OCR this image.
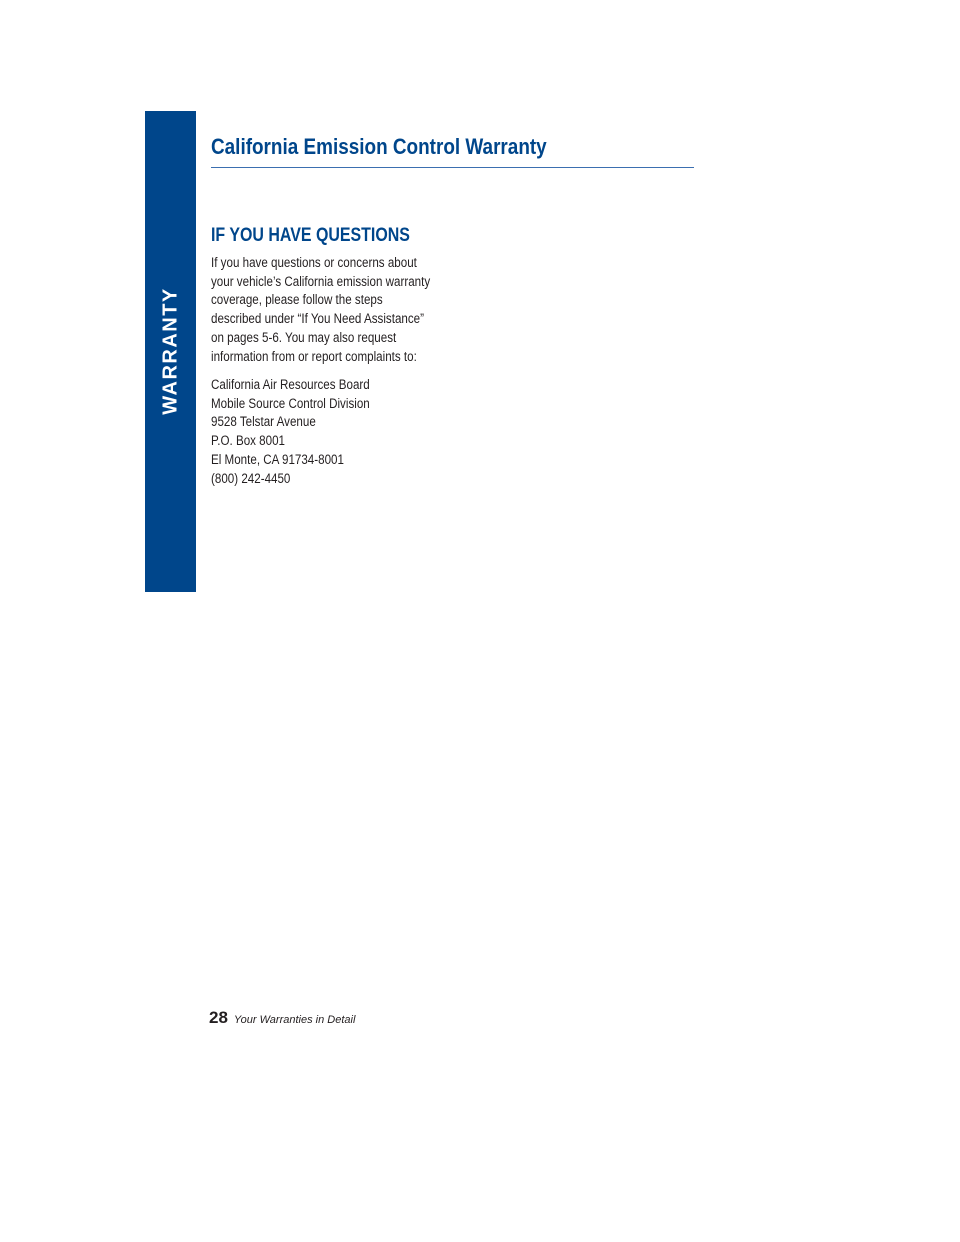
WARRANTY
California Emission Control Warranty
IF YOU HAVE QUESTIONS
If you have questions or concerns about
your vehicle’s California emission warranty
coverage, please follow the steps
described under “If You Need Assistance”
on pages 5-6. You may also request
information from or report complaints to:
California Air Resources Board
Mobile Source Control Division
9528 Telstar Avenue
P.O. Box 8001
El Monte, CA 91734-8001
(800) 242-4450
28 Your Warranties in Detail
